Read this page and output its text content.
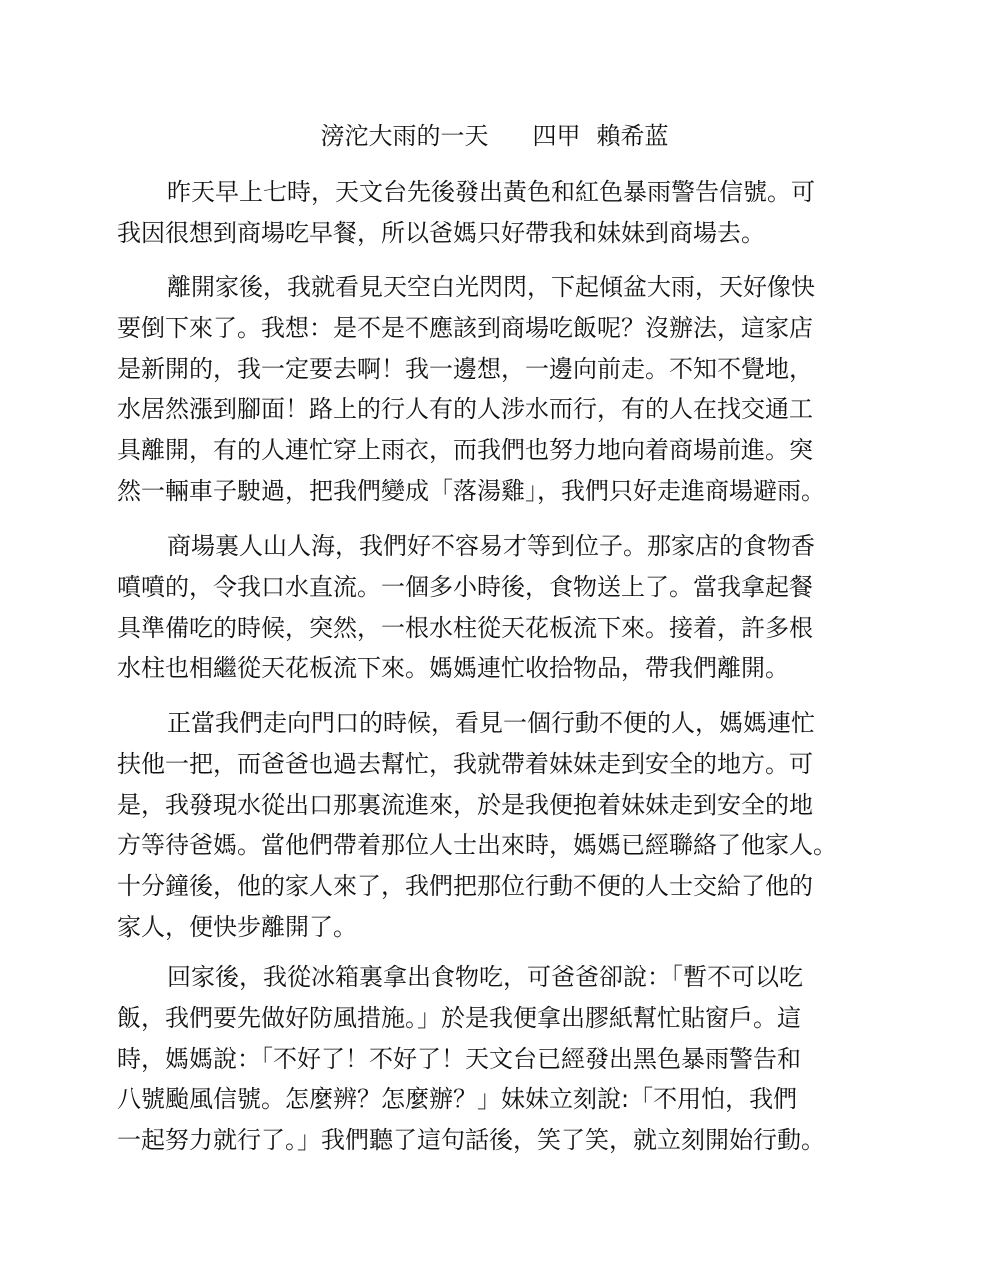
滂沱大雨的一天 四甲 賴希蓝
昨天早上七時，天文台先後發出黃色和紅色暴雨警告信號。可
我因很想到商場吃早餐，所以爸媽只好帶我和妹妹到商場去。
離開家後，我就看見天空白光閃閃，下起傾盆大雨，天好像快
要倒下來了。我想：是不是不應該到商場吃飯呢？沒辦法，這家店
是新開的，我一定要去啊！我一邊想，一邊向前走。不知不覺地，
水居然漲到腳面！路上的行人有的人涉水而行，有的人在找交通工
具離開，有的人連忙穿上雨衣，而我們也努力地向着商場前進。突
然一輛車子駛過，把我們變成「落湯雞」，我們只好走進商場避雨。
商場裏人山人海，我們好不容易才等到位子。那家店的食物香
噴噴的，令我口水直流。一個多小時後，食物送上了。當我拿起餐
具準備吃的時候，突然，一根水柱從天花板流下來。接着，許多根
水柱也相繼從天花板流下來。媽媽連忙收拾物品，帶我們離開。
正當我們走向門口的時候，看見一個行動不便的人，媽媽連忙
扶他一把，而爸爸也過去幫忙，我就帶着妹妹走到安全的地方。可
是，我發現水從出口那裏流進來，於是我便抱着妹妹走到安全的地
方等待爸媽。當他們帶着那位人士出來時，媽媽已經聯絡了他家人。
十分鐘後，他的家人來了，我們把那位行動不便的人士交給了他的
家人，便快步離開了。
回家後，我從冰箱裏拿出食物吃，可爸爸卻說：「暫不可以吃
飯，我們要先做好防風措施。」於是我便拿出膠紙幫忙貼窗戶。這
時，媽媽說：「不好了！不好了！天文台已經發出黑色暴雨警告和
八號颱風信號。怎麼辨？怎麼辦？」妹妹立刻說:「不用怕，我們
一起努力就行了。」我們聽了這句話後，笑了笑，就立刻開始行動。
